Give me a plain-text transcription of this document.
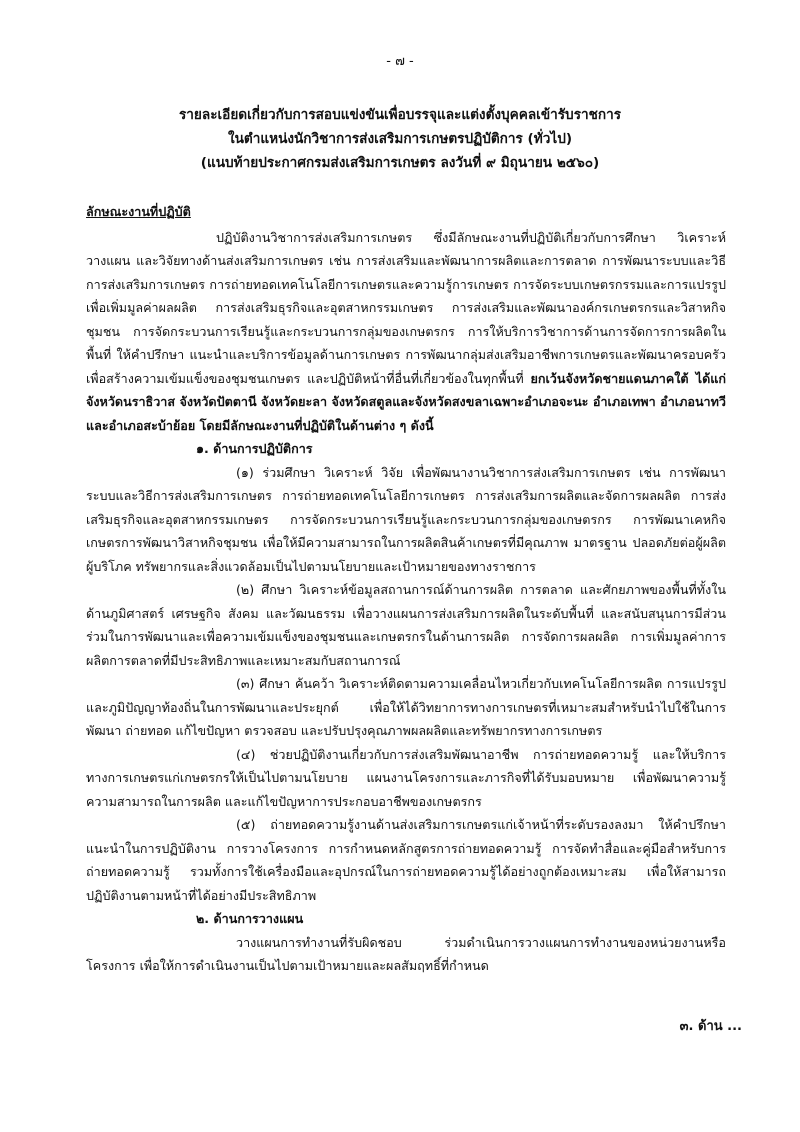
- ๗ -
รายละเอียดเกี่ยวกับการสอบแข่งขันเพื่อบรรจุและแต่งตั้งบุคคลเข้ารับราชการ
ในตำแหน่งนักวิชาการส่งเสริมการเกษตรปฏิบัติการ (ทั่วไป)
(แนบท้ายประกาศกรมส่งเสริมการเกษตร ลงวันที่ ๙ มิถุนายน ๒๕๖๐)
ลักษณะงานที่ปฏิบัติ

ปฏิบัติงานวิชาการส่งเสริมการเกษตร ซึ่งมีลักษณะงานที่ปฏิบัติเกี่ยวกับการศึกษา วิเคราะห์ วางแผน และวิจัยทางด้านส่งเสริมการเกษตร เช่น การส่งเสริมและพัฒนาการผลิตและการตลาด การพัฒนาระบบและวิธีการส่งเสริมการเกษตร การถ่ายทอดเทคโนโลยีการเกษตรและความรู้การเกษตร การจัดระบบเกษตรกรรมและการแปรรูปเพื่อเพิ่มมูลค่าผลผลิต การส่งเสริมธุรกิจและอุตสาหกรรมเกษตร การส่งเสริมและพัฒนาองค์กรเกษตรกรและวิสาหกิจชุมชน การจัดกระบวนการเรียนรู้และกระบวนการกลุ่มของเกษตรกร การให้บริการวิชาการด้านการจัดการการผลิตในพื้นที่ ให้คำปรึกษา แนะนำและบริการข้อมูลด้านการเกษตร การพัฒนากลุ่มส่งเสริมอาชีพการเกษตรและพัฒนาครอบครัวเพื่อสร้างความเข้มแข็งของชุมชนเกษตร และปฏิบัติหน้าที่อื่นที่เกี่ยวข้องในทุกพื้นที่ ยกเว้นจังหวัดชายแดนภาคใต้ ได้แก่ จังหวัดนราธิวาส จังหวัดปัตตานี จังหวัดยะลา จังหวัดสตูลและจังหวัดสงขลาเฉพาะอำเภอจะนะ อำเภอเทพา อำเภอนาทวี และอำเภอสะบ้าย้อย โดยมีลักษณะงานที่ปฏิบัติในด้านต่าง ๆ ดังนี้

๑. ด้านการปฏิบัติการ

(๑) ร่วมศึกษา วิเคราะห์ วิจัย เพื่อพัฒนางานวิชาการส่งเสริมการเกษตร เช่น การพัฒนาระบบและวิธีการส่งเสริมการเกษตร การถ่ายทอดเทคโนโลยีการเกษตร การส่งเสริมการผลิตและจัดการผลผลิต การส่งเสริมธุรกิจและอุตสาหกรรมเกษตร การจัดกระบวนการเรียนรู้และกระบวนการกลุ่มของเกษตรกร การพัฒนาเคหกิจเกษตรการพัฒนาวิสาหกิจชุมชน เพื่อให้มีความสามารถในการผลิตสินค้าเกษตรที่มีคุณภาพ มาตรฐาน ปลอดภัยต่อผู้ผลิตผู้บริโภค ทรัพยากรและสิ่งแวดล้อมเป็นไปตามนโยบายและเป้าหมายของทางราชการ

(๒) ศึกษา วิเคราะห์ข้อมูลสถานการณ์ด้านการผลิต การตลาด และศักยภาพของพื้นที่ทั้งในด้านภูมิศาสตร์ เศรษฐกิจ สังคม และวัฒนธรรม เพื่อวางแผนการส่งเสริมการผลิตในระดับพื้นที่ และสนับสนุนการมีส่วนร่วมในการพัฒนาและเพื่อความเข้มแข็งของชุมชนและเกษตรกรในด้านการผลิต การจัดการผลผลิต การเพิ่มมูลค่าการผลิตการตลาดที่มีประสิทธิภาพและเหมาะสมกับสถานการณ์

(๓) ศึกษา ค้นคว้า วิเคราะห์ติดตามความเคลื่อนไหวเกี่ยวกับเทคโนโลยีการผลิต การแปรรูปและภูมิปัญญาท้องถิ่นในการพัฒนาและประยุกต์ เพื่อให้ได้วิทยาการทางการเกษตรที่เหมาะสมสำหรับนำไปใช้ในการพัฒนา ถ่ายทอด แก้ไขปัญหา ตรวจสอบ และปรับปรุงคุณภาพผลผลิตและทรัพยากรทางการเกษตร

(๔) ช่วยปฏิบัติงานเกี่ยวกับการส่งเสริมพัฒนาอาชีพ การถ่ายทอดความรู้ และให้บริการทางการเกษตรแก่เกษตรกรให้เป็นไปตามนโยบาย แผนงานโครงการและภารกิจที่ได้รับมอบหมาย เพื่อพัฒนาความรู้ความสามารถในการผลิต และแก้ไขปัญหาการประกอบอาชีพของเกษตรกร

(๕) ถ่ายทอดความรู้งานด้านส่งเสริมการเกษตรแก่เจ้าหน้าที่ระดับรองลงมา ให้คำปรึกษาแนะนำในการปฏิบัติงาน การวางโครงการ การกำหนดหลักสูตรการถ่ายทอดความรู้ การจัดทำสื่อและคู่มือสำหรับการถ่ายทอดความรู้ รวมทั้งการใช้เครื่องมือและอุปกรณ์ในการถ่ายทอดความรู้ได้อย่างถูกต้องเหมาะสม เพื่อให้สามารถปฏิบัติงานตามหน้าที่ได้อย่างมีประสิทธิภาพ

๒. ด้านการวางแผน

วางแผนการทำงานที่รับผิดชอบ ร่วมดำเนินการวางแผนการทำงานของหน่วยงานหรือโครงการ เพื่อให้การดำเนินงานเป็นไปตามเป้าหมายและผลสัมฤทธิ์ที่กำหนด

๓. ด้าน ...
